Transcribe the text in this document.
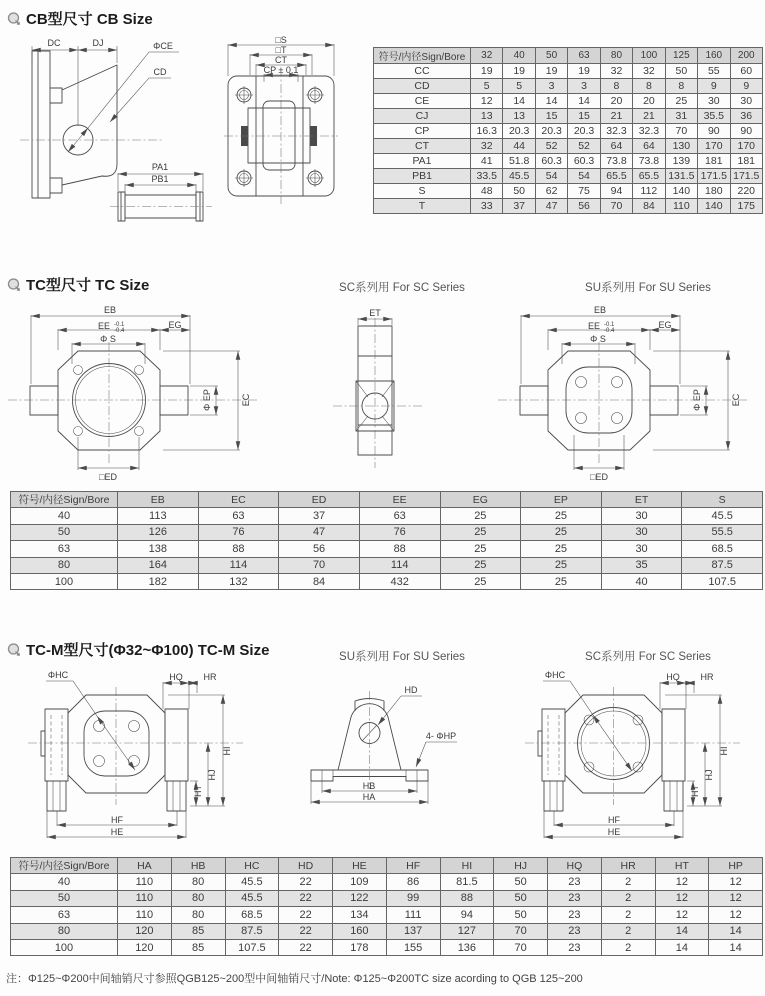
CB型尺寸 CB Size
DC	DJ	ΦCE
CD
PA1
PB1
□S
□T
CT
CP ± 0.1
符号/内径Sign/Bore	32	40	50	63	80	100	125	160	200
CC	19	19	19	19	32	32	50	55	60
CD	5	5	3	3	8	8	8	9	9
CE	12	14	14	14	20	20	25	30	30
CJ	13	13	15	15	21	21	31	35.5	36
CP	16.3	20.3	20.3	20.3	32.3	32.3	70	90	90
CT	32	44	52	52	64	64	130	170	170
PA1	41	51.8	60.3	60.3	73.8	73.8	139	181	181
PB1	33.5	45.5	54	54	65.5	65.5	131.5	171.5	171.5
S	48	50	62	75	94	112	140	180	220
T	33	37	47	56	70	84	110	140	175
TC型尺寸 TC Size	SC系列用 For SC Series	SU系列用 For SU Series
EB
EE -0.1
-0.4
EG
Φ S
EC
Φ EP
□ED
ET	EB
EE -0.1
-0.4
EG
Φ S
EC
Φ EP
□ED
符号/内径Sign/Bore	EB	EC	ED	EE	EG	EP	ET	S
40	113	63	37	63	25	25	30	45.5
50	126	76	47	76	25	25	30	55.5
63	138	88	56	88	25	25	30	68.5
80	164	114	70	114	25	25	35	87.5
100	182	132	84	432	25	25	40	107.5
TC-M型尺寸(Φ32~Φ100) TC-M Size	SU系列用 For SU Series	SC系列用 For SC Series
ΦHC	HQ HR
HI
HJ
HT
HF
HE
HD
4- ΦHP
HB
HA
ΦHC	HQ HR
HI
HJ
HT
HF
HE
符号/内径Sign/Bore	HA	HB	HC	HD	HE	HF	HI	HJ	HQ	HR	HT	HP
40	110	80	45.5	22	109	86	81.5	50	23	2	12	12
50	110	80	45.5	22	122	99	88	50	23	2	12	12
63	110	80	68.5	22	134	111	94	50	23	2	12	12
80	120	85	87.5	22	160	137	127	70	23	2	14	14
100	120	85	107.5	22	178	155	136	70	23	2	14	14
注：Φ125~Φ200中间轴销尺寸参照QGB125~200型中间轴销尺寸/Note: Φ125~Φ200TC size acording to QGB 125~200
